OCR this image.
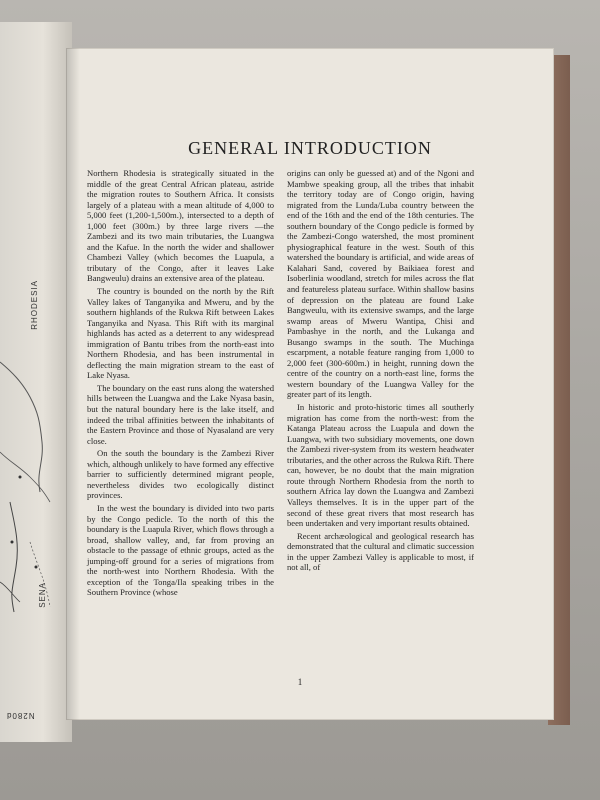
RHODESIA
SENA
N280d
GENERAL INTRODUCTION

Northern Rhodesia is strategically situated in the middle of the great Central African plateau, astride the migration routes to Southern Africa. It consists largely of a plateau with a mean altitude of 4,000 to 5,000 feet (1,200-1,500m.), intersected to a depth of 1,000 feet (300m.) by three large rivers —the Zambezi and its two main tributaries, the Luangwa and the Kafue. In the north the wider and shallower Chambezi Valley (which becomes the Luapula, a tributary of the Congo, after it leaves Lake Bangweulu) drains an extensive area of the plateau.

The country is bounded on the north by the Rift Valley lakes of Tanganyika and Mweru, and by the southern highlands of the Rukwa Rift between Lakes Tanganyika and Nyasa. This Rift with its marginal highlands has acted as a deterrent to any widespread immigration of Bantu tribes from the north-east into Northern Rhodesia, and has been instrumental in deflecting the main migration stream to the east of Lake Nyasa.

The boundary on the east runs along the watershed hills between the Luangwa and the Lake Nyasa basin, but the natural boundary here is the lake itself, and indeed the tribal affinities between the inhabitants of the Eastern Province and those of Nyasaland are very close.

On the south the boundary is the Zambezi River which, although unlikely to have formed any effective barrier to sufficiently determined migrant people, nevertheless divides two ecologically distinct provinces.

In the west the boundary is divided into two parts by the Congo pedicle. To the north of this the boundary is the Luapula River, which flows through a broad, shallow valley, and, far from proving an obstacle to the passage of ethnic groups, acted as the jumping-off ground for a series of migrations from the north-west into Northern Rhodesia. With the exception of the Tonga/Ila speaking tribes in the Southern Province (whose

origins can only be guessed at) and of the Ngoni and Mambwe speaking group, all the tribes that inhabit the territory today are of Congo origin, having migrated from the Lunda/Luba country between the end of the 16th and the end of the 18th centuries. The southern boundary of the Congo pedicle is formed by the Zambezi-Congo watershed, the most prominent physiographical feature in the west. South of this watershed the boundary is artificial, and wide areas of Kalahari Sand, covered by Baikiaea forest and Isoberlinia woodland, stretch for miles across the flat and featureless plateau surface. Within shallow basins of depression on the plateau are found Lake Bangweulu, with its extensive swamps, and the large swamp areas of Mweru Wantipa, Chisi and Pambashye in the north, and the Lukanga and Busango swamps in the south. The Muchinga escarpment, a notable feature ranging from 1,000 to 2,000 feet (300-600m.) in height, running down the centre of the country on a north-east line, forms the western boundary of the Luangwa Valley for the greater part of its length.

In historic and proto-historic times all southerly migration has come from the north-west: from the Katanga Plateau across the Luapula and down the Luangwa, with two subsidiary movements, one down the Zambezi river-system from its western headwater tributaries, and the other across the Rukwa Rift. There can, however, be no doubt that the main migration route through Northern Rhodesia from the north to southern Africa lay down the Luangwa and Zambezi Valleys themselves. It is in the upper part of the second of these great rivers that most research has been undertaken and very important results obtained.

Recent archæological and geological research has demonstrated that the cultural and climatic succession in the upper Zambezi Valley is applicable to most, if not all, of

1
